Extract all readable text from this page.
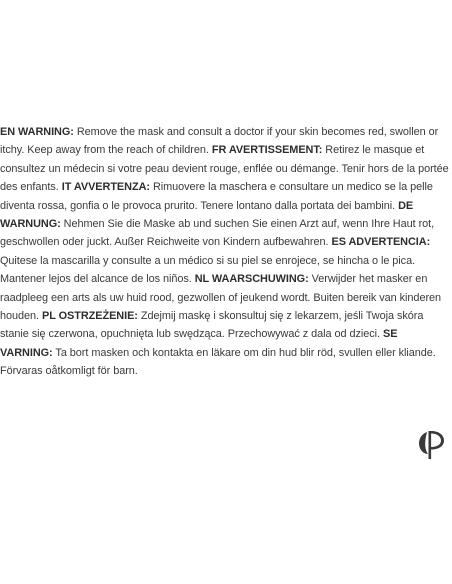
EN WARNING: Remove the mask and consult a doctor if your skin becomes red, swollen or itchy. Keep away from the reach of children. FR AVERTISSEMENT: Retirez le masque et consultez un médecin si votre peau devient rouge, enflée ou démange. Tenir hors de la portée des enfants. IT AVVERTENZA: Rimuovere la maschera e consultare un medico se la pelle diventa rossa, gonfia o le provoca prurito. Tenere lontano dalla portata dei bambini. DE WARNUNG: Nehmen Sie die Maske ab und suchen Sie einen Arzt auf, wenn Ihre Haut rot, geschwollen oder juckt. Außer Reichweite von Kindern aufbewahren. ES ADVERTENCIA: Quitese la mascarilla y consulte a un médico si su piel se enrojece, se hincha o le pica. Mantener lejos del alcance de los niños. NL WAARSCHUWING: Verwijder het masker en raadpleeg een arts als uw huid rood, gezwollen of jeukend wordt. Buiten bereik van kinderen houden. PL OSTRZEŻENIE: Zdejmij maskę i skonsultuj się z lekarzem, jeśli Twoja skóra stanie się czerwona, opuchnięta lub swędząca. Przechowywać z dala od dzieci. SE VARNING: Ta bort masken och kontakta en läkare om din hud blir röd, svullen eller kliande. Förvaras oåtkomligt för barn.
